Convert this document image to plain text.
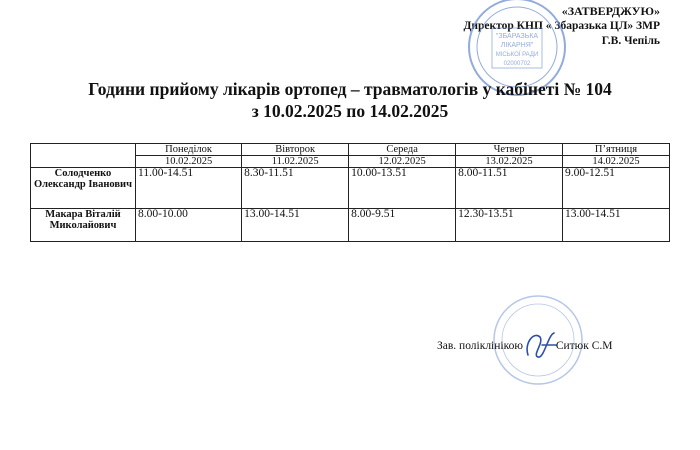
«ЗАТВЕРДЖУЮ»
Директор КНП « Збаразька ЦЛ» ЗМР
Г.В. Чепіль
"ЗБАРАЗЬКА
ЛІКАРНЯ"
МІСЬКОЇ РАДИ
02000702
Години прийому лікарів ортопед – травматологів у кабінеті № 104
з 10.02.2025 по 14.02.2025
	Понеділок	Вівторок	Середа	Четвер	П’ятниця
	10.02.2025	11.02.2025	12.02.2025	13.02.2025	14.02.2025
Солодченко Олександр Іванович	11.00-14.51	8.30-11.51	10.00-13.51	8.00-11.51	9.00-12.51
Макара Віталій Миколайович	8.00-10.00	13.00-14.51	8.00-9.51	12.30-13.51	13.00-14.51
Зав. поліклінікою	Ситюк С.М
